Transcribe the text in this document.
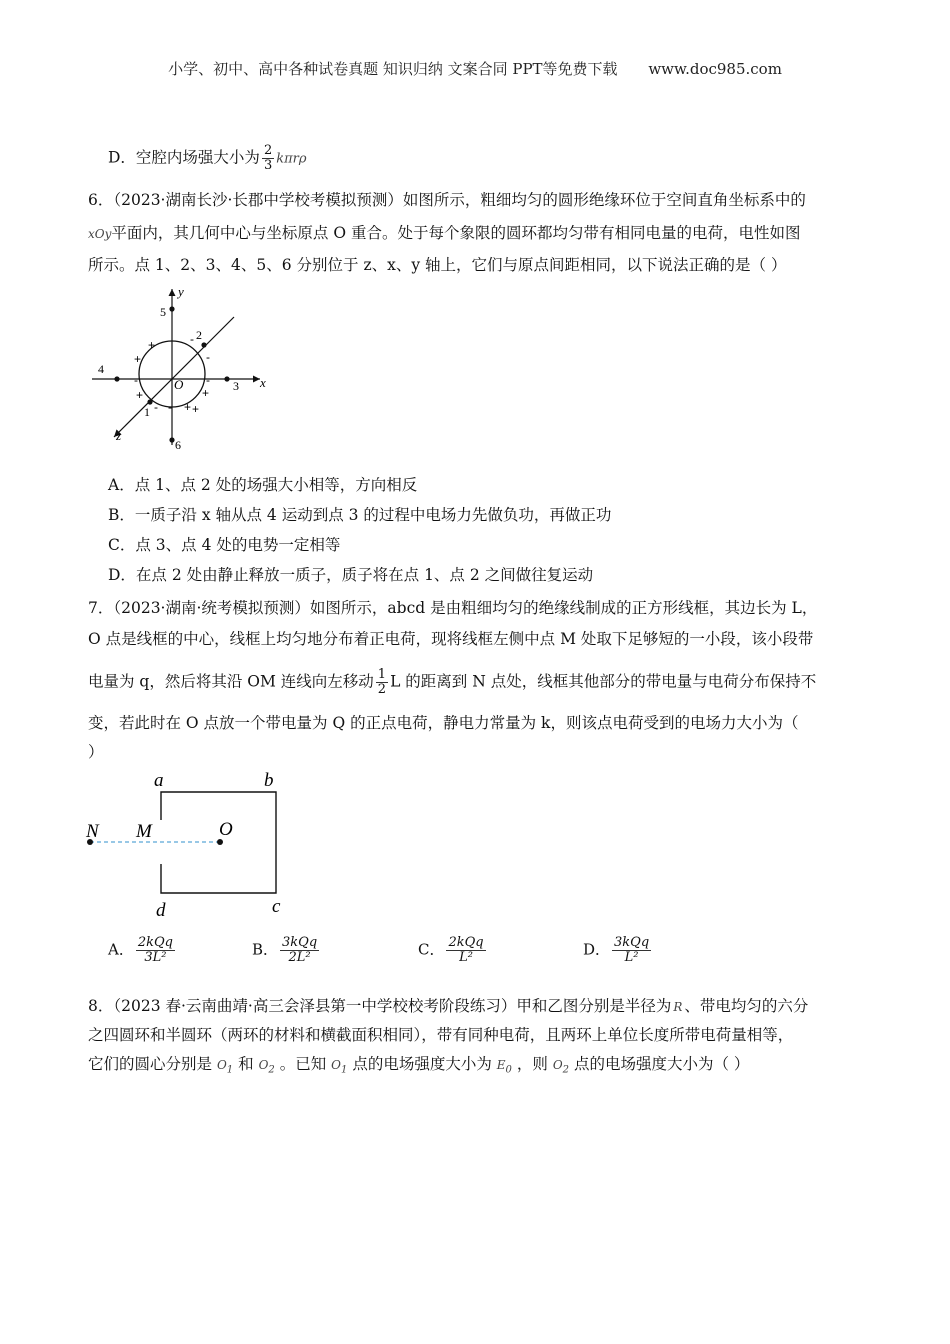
小学、初中、高中各种试卷真题 知识归纳 文案合同 PPT等免费下载 www.doc985.com
D．空腔内场强大小为 $\frac{2}{3}$ kπrρ
6．（2023·湖南长沙·长郡中学校考模拟预测）如图所示，粗细均匀的圆形绝缘环位于空间直角坐标系中的
xOy平面内，其几何中心与坐标原点 O 重合。处于每个象限的圆环都均匀带有相同电量的电荷，电性如图
所示。点 1、2、3、4、5、6 分别位于 z、x、y 轴上，它们与原点间距相同，以下说法正确的是（ ）
y
x
z
O
1
2
3
4
5
6
+
+
-
-
-
+	+
-
- - + +
A．点 1、点 2 处的场强大小相等，方向相反
B．一质子沿 x 轴从点 4 运动到点 3 的过程中电场力先做负功，再做正功
C．点 3、点 4 处的电势一定相等
D．在点 2 处由静止释放一质子，质子将在点 1、点 2 之间做往复运动
7．（2023·湖南·统考模拟预测）如图所示，abcd 是由粗细均匀的绝缘线制成的正方形线框，其边长为 L，
O 点是线框的中心，线框上均匀地分布着正电荷，现将线框左侧中点 M 处取下足够短的一小段，该小段带
电量为 q，然后将其沿 OM 连线向左移动 $\frac{1}{2}$ L 的距离到 N 点处，线框其他部分的带电量与电荷分布保持不
变，若此时在 O 点放一个带电量为 Q 的正点电荷，静电力常量为 k，则该点电荷受到的电场力大小为（
）
a	b
c
d
N M	O
A． $\frac{\text{2kQq}}{\text{3L²}}$	B． $\frac{\text{3kQq}}{\text{2L²}}$	C． $\frac{\text{2kQq}}{\text{L²}}$	D． $\frac{\text{3kQq}}{\text{L²}}$
8．（2023 春·云南曲靖·高三会泽县第一中学校校考阶段练习）甲和乙图分别是半径为 R 、带电均匀的六分
之四圆环和半圆环（两环的材料和横截面积相同），带有同种电荷，且两环上单位长度所带电荷量相等，
它们的圆心分别是 $O_1$ 和 $O_2$ 。已知 $O_1$ 点的电场强度大小为 $E_0$ ，则 $O_2$ 点的电场强度大小为（ ）
